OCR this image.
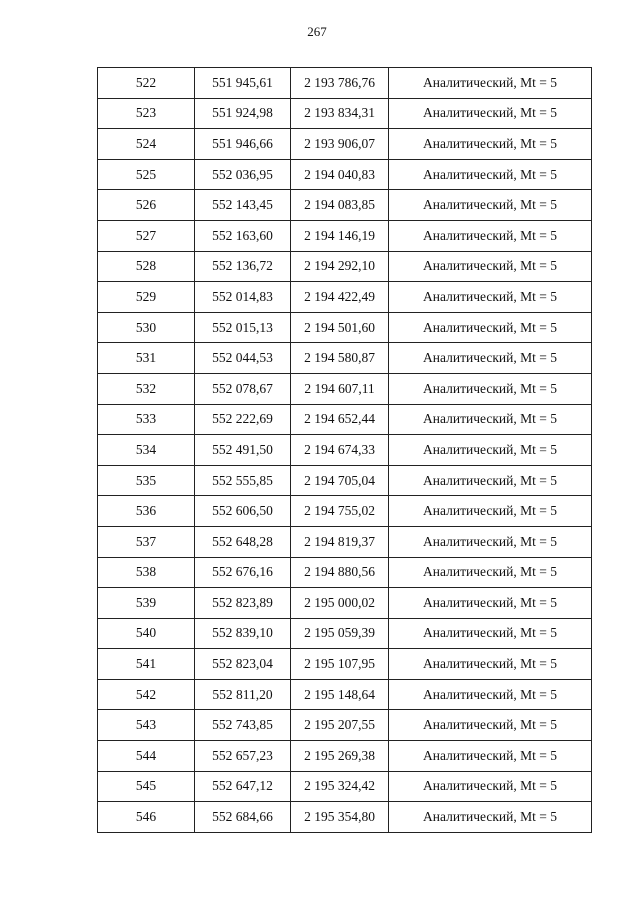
267
522	551 945,61	2 193 786,76	Аналитический, Mt = 5
523	551 924,98	2 193 834,31	Аналитический, Mt = 5
524	551 946,66	2 193 906,07	Аналитический, Mt = 5
525	552 036,95	2 194 040,83	Аналитический, Mt = 5
526	552 143,45	2 194 083,85	Аналитический, Mt = 5
527	552 163,60	2 194 146,19	Аналитический, Mt = 5
528	552 136,72	2 194 292,10	Аналитический, Mt = 5
529	552 014,83	2 194 422,49	Аналитический, Mt = 5
530	552 015,13	2 194 501,60	Аналитический, Mt = 5
531	552 044,53	2 194 580,87	Аналитический, Mt = 5
532	552 078,67	2 194 607,11	Аналитический, Mt = 5
533	552 222,69	2 194 652,44	Аналитический, Mt = 5
534	552 491,50	2 194 674,33	Аналитический, Mt = 5
535	552 555,85	2 194 705,04	Аналитический, Mt = 5
536	552 606,50	2 194 755,02	Аналитический, Mt = 5
537	552 648,28	2 194 819,37	Аналитический, Mt = 5
538	552 676,16	2 194 880,56	Аналитический, Mt = 5
539	552 823,89	2 195 000,02	Аналитический, Mt = 5
540	552 839,10	2 195 059,39	Аналитический, Mt = 5
541	552 823,04	2 195 107,95	Аналитический, Mt = 5
542	552 811,20	2 195 148,64	Аналитический, Mt = 5
543	552 743,85	2 195 207,55	Аналитический, Mt = 5
544	552 657,23	2 195 269,38	Аналитический, Mt = 5
545	552 647,12	2 195 324,42	Аналитический, Mt = 5
546	552 684,66	2 195 354,80	Аналитический, Mt = 5
